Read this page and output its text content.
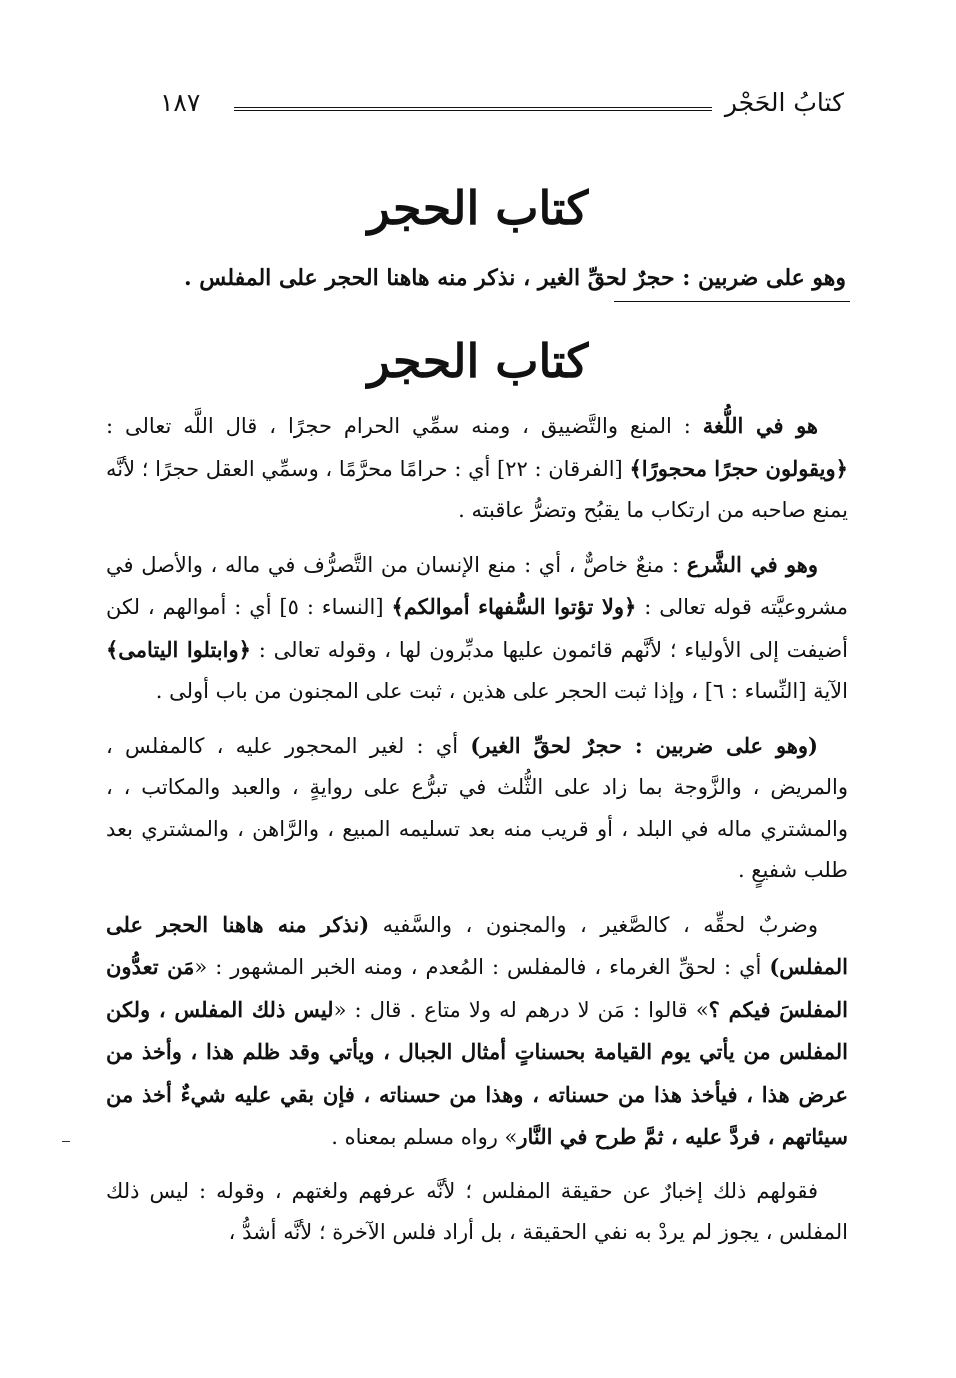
كتابُ الحَجْر
١٨٧
كتاب الحجر
وهو على ضربين : حجرٌ لحقِّ الغير ، نذكر منه هاهنا الحجر على المفلس .
كتاب الحجر

هو في اللُّغة : المنع والتَّضييق ، ومنه سمِّي الحرام حجرًا ، قال اللَّه تعالى : ﴿ويقولون حجرًا محجورًا﴾ [الفرقان : ٢٢] أي : حرامًا محرَّمًا ، وسمِّي العقل حجرًا ؛ لأنَّه يمنع صاحبه من ارتكاب ما يقبُح وتضرُّ عاقبته .

وهو في الشَّرع : منعٌ خاصٌّ ، أي : منع الإنسان من التَّصرُّف في ماله ، والأصل في مشروعيَّته قوله تعالى : ﴿ولا تؤتوا السُّفهاء أموالكم﴾ [النساء : ٥] أي : أموالهم ، لكن أضيفت إلى الأولياء ؛ لأنَّهم قائمون عليها مدبِّرون لها ، وقوله تعالى : ﴿وابتلوا اليتامى﴾ الآية [النِّساء : ٦] ، وإذا ثبت الحجر على هذين ، ثبت على المجنون من باب أولى .

(وهو على ضربين : حجرٌ لحقِّ الغير) أي : لغير المحجور عليه ، كالمفلس ، والمريض ، والزَّوجة بما زاد على الثُّلث في تبرُّع على روايةٍ ، والعبد والمكاتب ، ، والمشتري ماله في البلد ، أو قريب منه بعد تسليمه المبيع ، والرَّاهن ، والمشتري بعد طلب شفيعٍ .

وضربٌ لحقِّه ، كالصَّغير ، والمجنون ، والسَّفيه (نذكر منه هاهنا الحجر على المفلس) أي : لحقِّ الغرماء ، فالمفلس : المُعدم ، ومنه الخبر المشهور : «مَن تعدُّون المفلسَ فيكم ؟» قالوا : مَن لا درهم له ولا متاع . قال : «ليس ذلك المفلس ، ولكن المفلس من يأتي يوم القيامة بحسناتٍ أمثال الجبال ، ويأتي وقد ظلم هذا ، وأخذ من عرض هذا ، فيأخذ هذا من حسناته ، وهذا من حسناته ، فإن بقي عليه شيءٌ أخذ من سيئاتهم ، فردَّ عليه ، ثمَّ طرح في النَّار» رواه مسلم بمعناه .

فقولهم ذلك إخبارٌ عن حقيقة المفلس ؛ لأنَّه عرفهم ولغتهم ، وقوله : ليس ذلك المفلس ، يجوز لم يردْ به نفي الحقيقة ، بل أراد فلس الآخرة ؛ لأنَّه أشدُّ ،
